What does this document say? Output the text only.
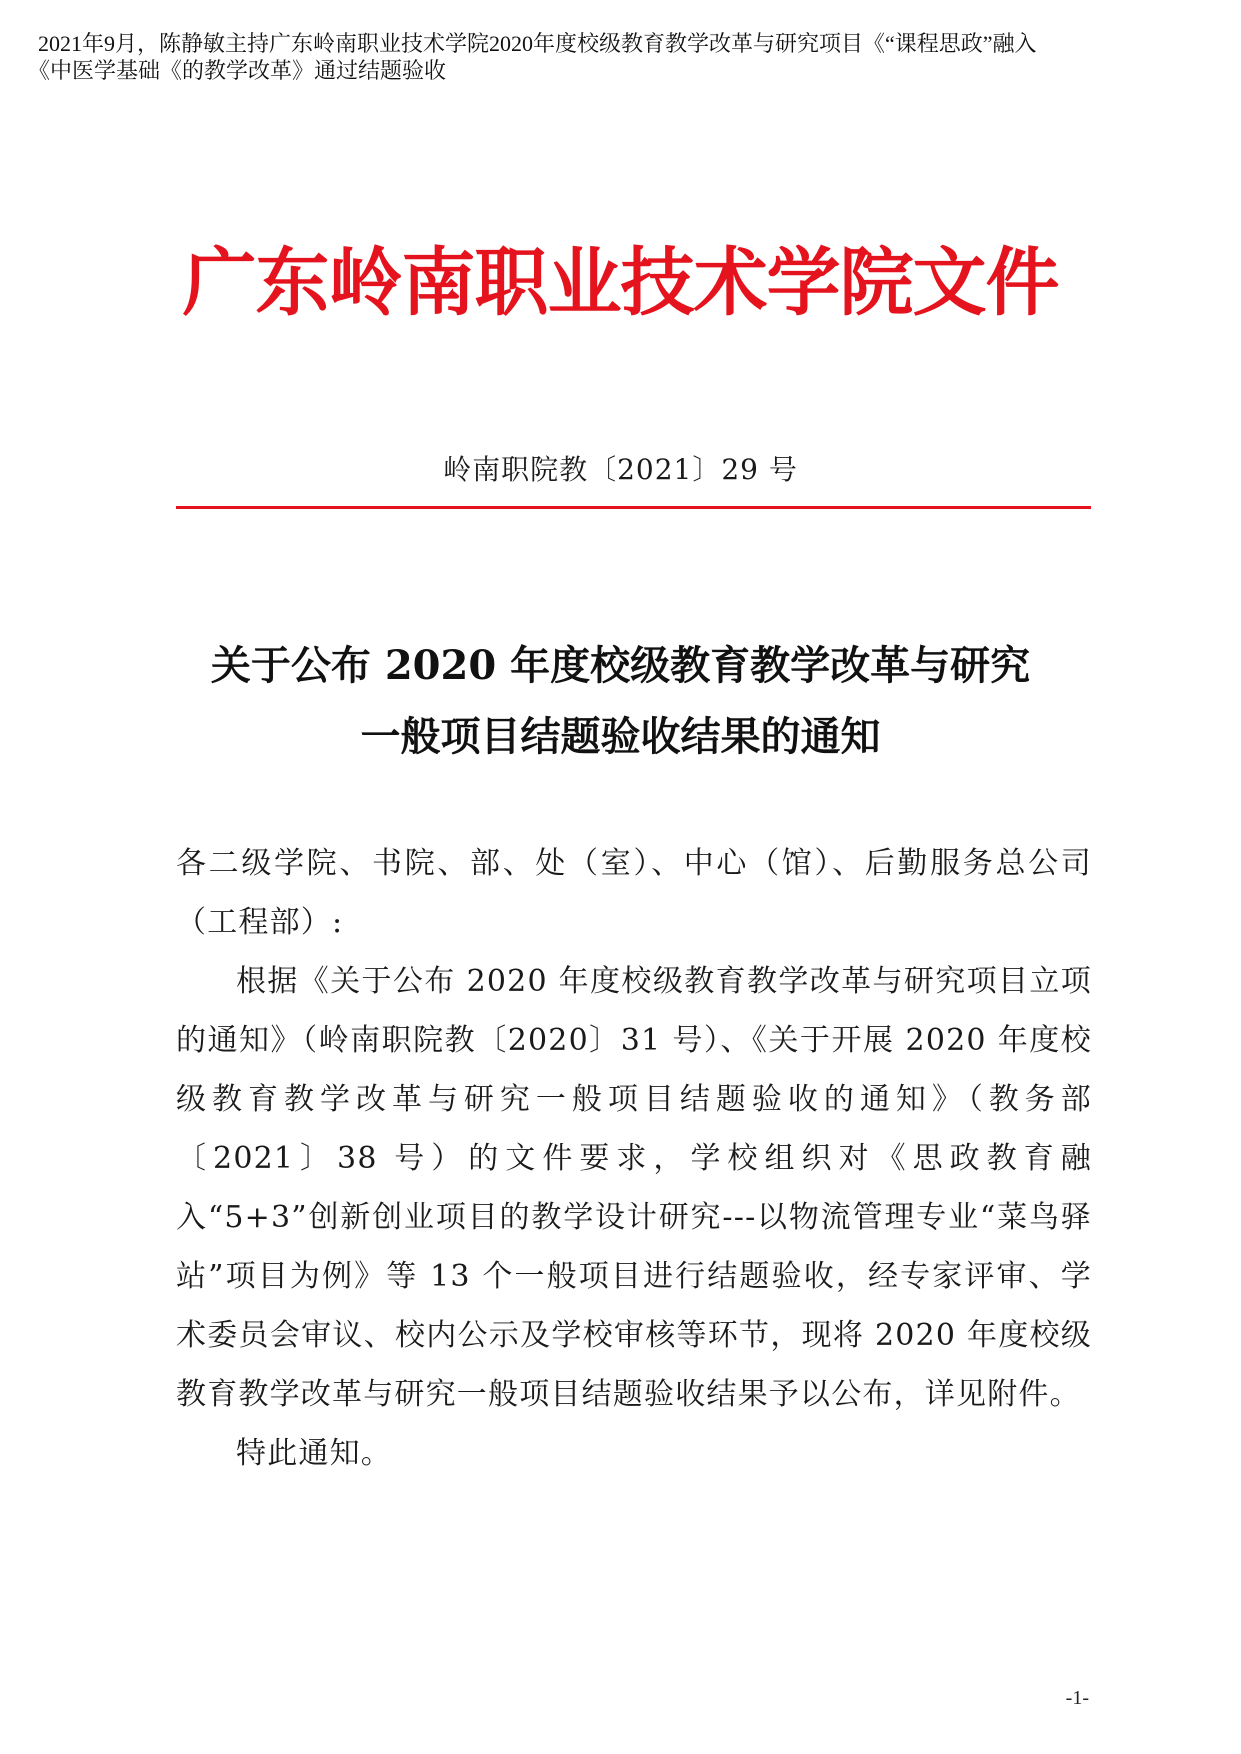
2021年9月，陈静敏主持广东岭南职业技术学院2020年度校级教育教学改革与研究项目《“课程思政”融入
《中医学基础《的教学改革》通过结题验收
广东岭南职业技术学院文件
岭南职院教〔2021〕29 号
关于公布 2020 年度校级教育教学改革与研究
一般项目结题验收结果的通知

各二级学院、书院、部、处（室）、中心（馆）、后勤服务总公司（工程部）:

根据《关于公布 2020 年度校级教育教学改革与研究项目立项的通知》（岭南职院教〔2020〕31 号）、《关于开展 2020 年度校级教育教学改革与研究一般项目结题验收的通知》（教务部〔2021〕38 号）的文件要求，学校组织对《思政教育融入“5+3”创新创业项目的教学设计研究---以物流管理专业“菜鸟驿站”项目为例》等 13 个一般项目进行结题验收，经专家评审、学术委员会审议、校内公示及学校审核等环节，现将 2020 年度校级教育教学改革与研究一般项目结题验收结果予以公布，详见附件。

特此通知。

-1-
